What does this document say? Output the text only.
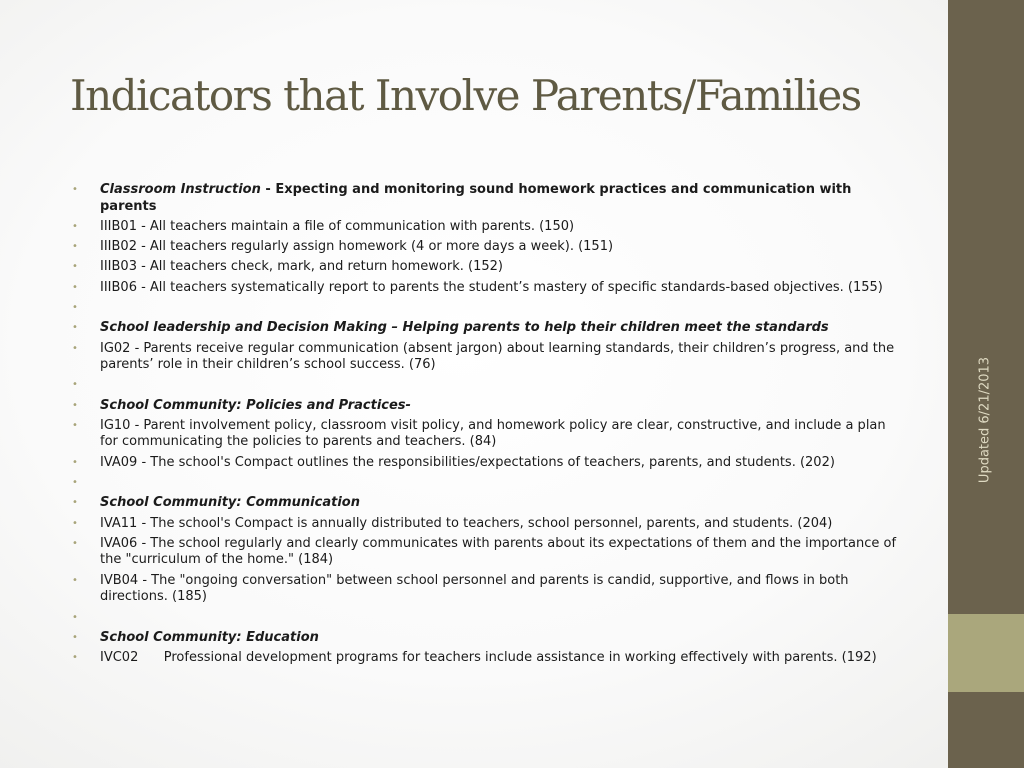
Indicators that Involve Parents/Families
• Classroom Instruction - Expecting and monitoring sound homework practices and communication with parents
• IIIB01 - All teachers maintain a file of communication with parents. (150)
• IIIB02 - All teachers regularly assign homework (4 or more days a week). (151)
• IIIB03 - All teachers check, mark, and return homework. (152)
• IIIB06 - All teachers systematically report to parents the student’s mastery of specific standards-based objectives. (155)
•
• School leadership and Decision Making – Helping parents to help their children meet the standards
• IG02 - Parents receive regular communication (absent jargon) about learning standards, their children’s progress, and the parents’ role in their children’s school success. (76)
•
• School Community: Policies and Practices-
• IG10 - Parent involvement policy, classroom visit policy, and homework policy are clear, constructive, and include a plan for communicating the policies to parents and teachers. (84)
• IVA09 - The school's Compact outlines the responsibilities/expectations of teachers, parents, and students. (202)
•
• School Community: Communication
• IVA11 - The school's Compact is annually distributed to teachers, school personnel, parents, and students. (204)
• IVA06 - The school regularly and clearly communicates with parents about its expectations of them and the importance of the "curriculum of the home." (184)
• IVB04 - The "ongoing conversation" between school personnel and parents is candid, supportive, and flows in both directions. (185)
•
• School Community: Education
• IVC02    Professional development programs for teachers include assistance in working effectively with parents. (192)
Updated 6/21/2013
